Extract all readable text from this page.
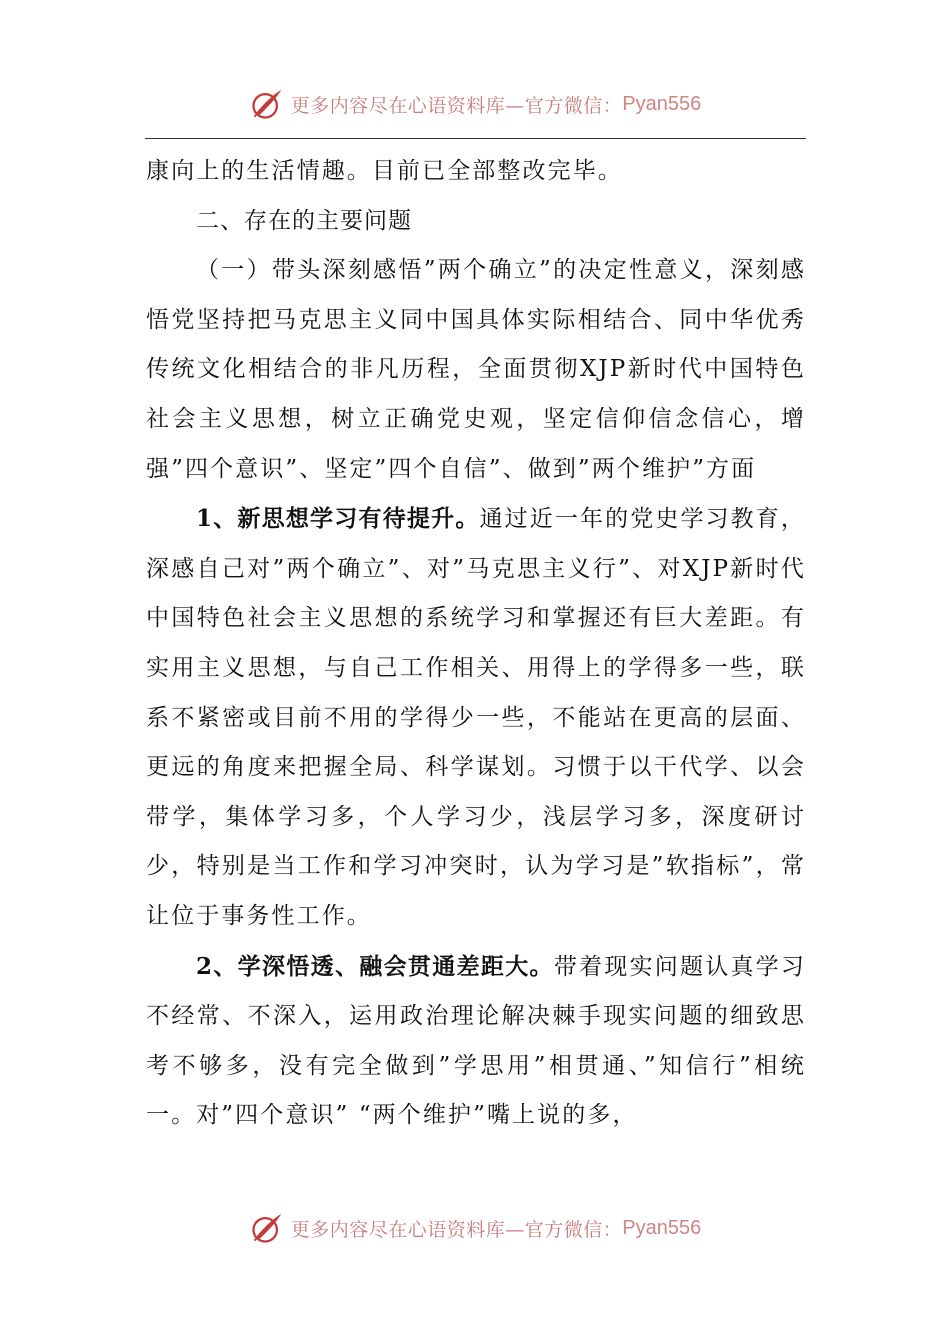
更多内容尽在心语资料库—官方微信： Pyan556

康向上的生活情趣。目前已全部整改完毕。

二、存在的主要问题

（一）带头深刻感悟”两个确立”的决定性意义，深刻感悟党坚持把马克思主义同中国具体实际相结合、同中华优秀传统文化相结合的非凡历程，全面贯彻XJP新时代中国特色社会主义思想，树立正确党史观，坚定信仰信念信心，增强”四个意识”、坚定”四个自信”、做到”两个维护”方面

1、新思想学习有待提升。通过近一年的党史学习教育，深感自己对”两个确立”、对”马克思主义行”、对XJP新时代中国特色社会主义思想的系统学习和掌握还有巨大差距。有实用主义思想，与自己工作相关、用得上的学得多一些，联系不紧密或目前不用的学得少一些，不能站在更高的层面、更远的角度来把握全局、科学谋划。习惯于以干代学、以会带学，集体学习多，个人学习少，浅层学习多，深度研讨少，特别是当工作和学习冲突时，认为学习是”软指标”，常让位于事务性工作。

2、学深悟透、融会贯通差距大。带着现实问题认真学习不经常、不深入，运用政治理论解决棘手现实问题的细致思考不够多，没有完全做到”学思用”相贯通、”知信行”相统一。对”四个意识” “两个维护”嘴上说的多，

更多内容尽在心语资料库—官方微信： Pyan556
